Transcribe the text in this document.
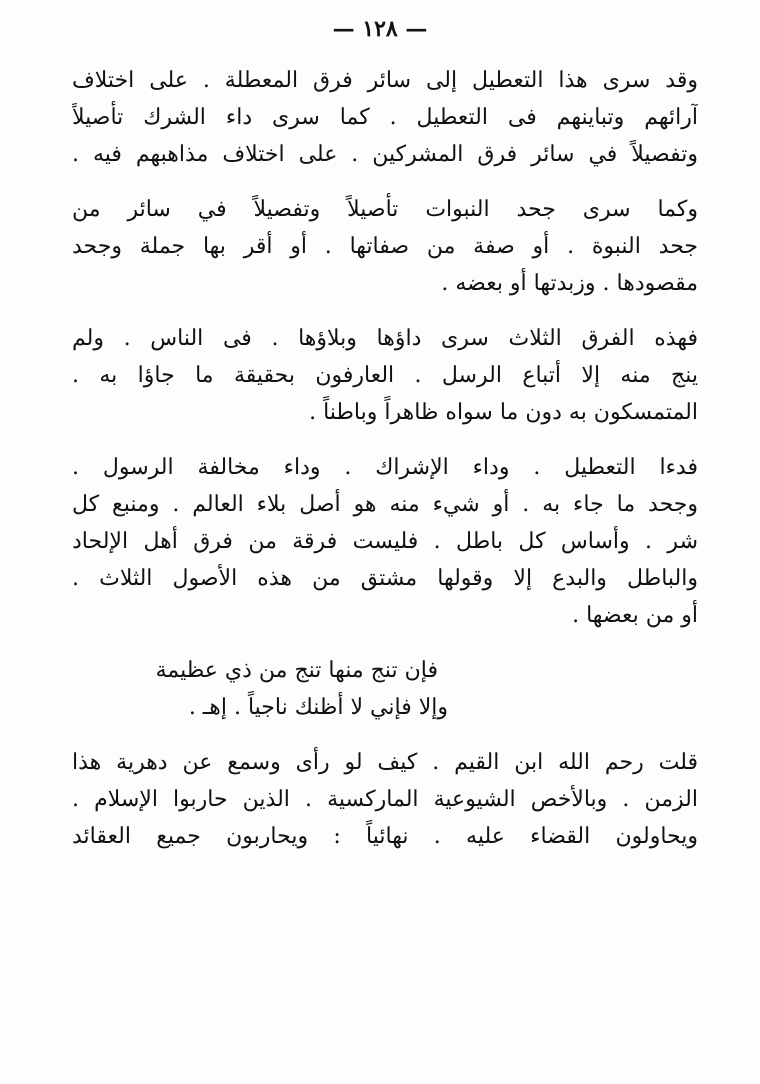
— ١٢٨ —
وقد سرى هذا التعطيل إلى سائر فرق المعطلة . على اختلاف
آرائهم وتباينهم فى التعطيل . كما سرى داء الشرك تأصيلاً
وتفصيلاً في سائر فرق المشركين . على اختلاف مذاهبهم فيه .
وكما سرى جحد النبوات تأصيلاً وتفصيلاً في سائر من
جحد النبوة . أو صفة من صفاتها . أو أقر بها جملة وجحد
مقصودها . وزبدتها أو بعضه .
فهذه الفرق الثلاث سرى داؤها وبلاؤها . فى الناس . ولم
ينج منه إلا أتباع الرسل . العارفون بحقيقة ما جاؤا به .
المتمسكون به دون ما سواه ظاهراً وباطناً .
فدءا التعطيل . وداء الإشراك . وداء مخالفة الرسول .
وجحد ما جاء به . أو شيء منه هو أصل بلاء العالم . ومنبع كل
شر . وأساس كل باطل . فليست فرقة من فرق أهل الإلحاد
والباطل والبدع إلا وقولها مشتق من هذه الأصول الثلاث .
أو من بعضها .
فإن تنج منها تنج من ذي عظيمة
وإلا فإني لا أظنك ناجياً . إهـ .
قلت رحم الله ابن القيم . كيف لو رأى وسمع عن دهرية هذا
الزمن . وبالأخص الشيوعية الماركسية . الذين حاربوا الإسلام .
ويحاولون القضاء عليه . نهائياً : ويحاربون جميع العقائد
